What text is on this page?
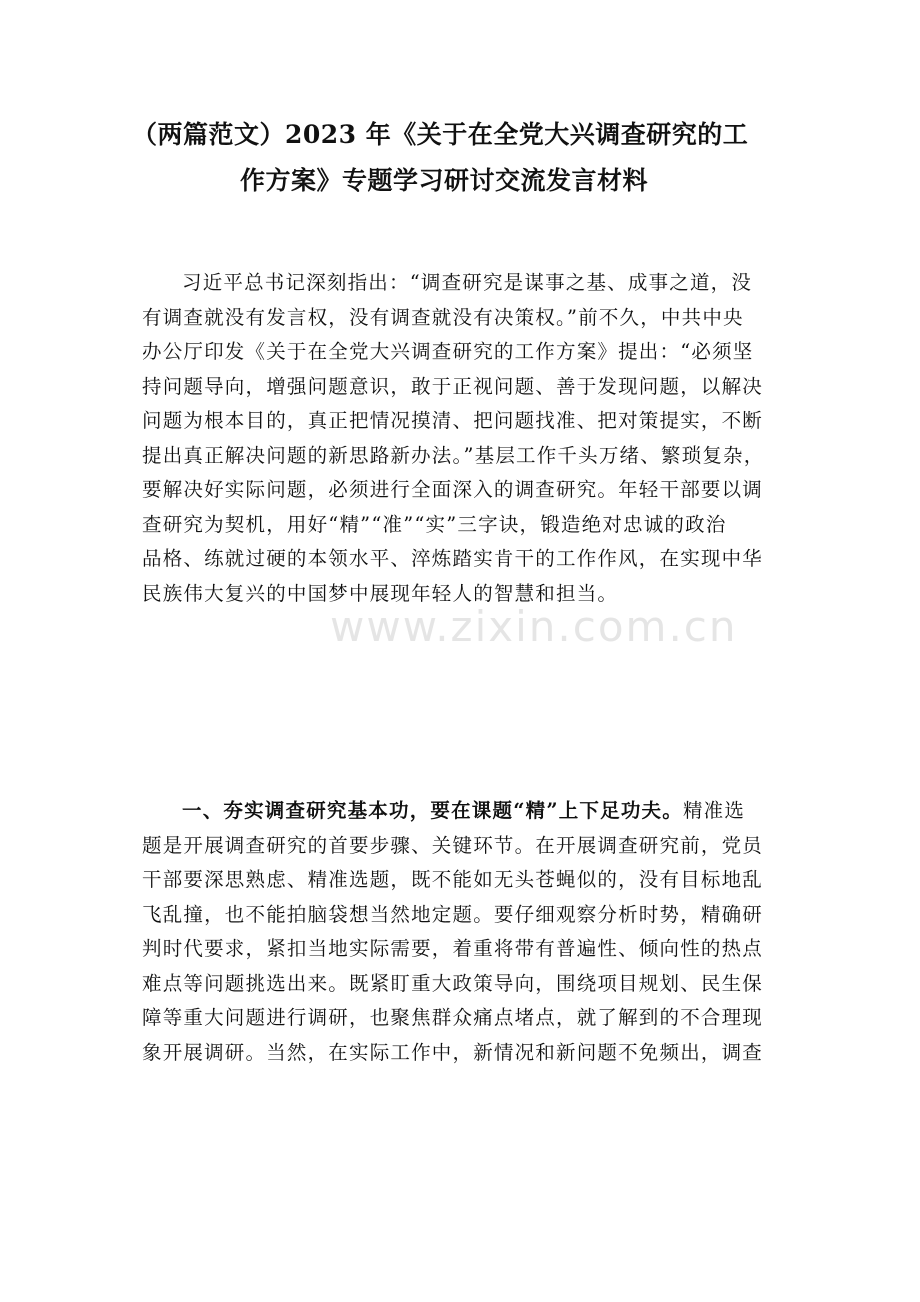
（两篇范文）2023 年《关于在全党大兴调查研究的工
作方案》专题学习研讨交流发言材料
习近平总书记深刻指出：“调查研究是谋事之基、成事之道，没
有调查就没有发言权，没有调查就没有决策权。”前不久，中共中央
办公厅印发《关于在全党大兴调查研究的工作方案》提出：“必须坚
持问题导向，增强问题意识，敢于正视问题、善于发现问题，以解决
问题为根本目的，真正把情况摸清、把问题找准、把对策提实，不断
提出真正解决问题的新思路新办法。”基层工作千头万绪、繁琐复杂，
要解决好实际问题，必须进行全面深入的调查研究。年轻干部要以调
查研究为契机，用好“精”“准”“实”三字诀，锻造绝对忠诚的政治
品格、练就过硬的本领水平、淬炼踏实肯干的工作作风，在实现中华
民族伟大复兴的中国梦中展现年轻人的智慧和担当。
一、夯实调查研究基本功，要在课题“精”上下足功夫。精准选
题是开展调查研究的首要步骤、关键环节。在开展调查研究前，党员
干部要深思熟虑、精准选题，既不能如无头苍蝇似的，没有目标地乱
飞乱撞，也不能拍脑袋想当然地定题。要仔细观察分析时势，精确研
判时代要求，紧扣当地实际需要，着重将带有普遍性、倾向性的热点
难点等问题挑选出来。既紧盯重大政策导向，围绕项目规划、民生保
障等重大问题进行调研，也聚焦群众痛点堵点，就了解到的不合理现
象开展调研。当然，在实际工作中，新情况和新问题不免频出，调查
www.zixin.com.cn
